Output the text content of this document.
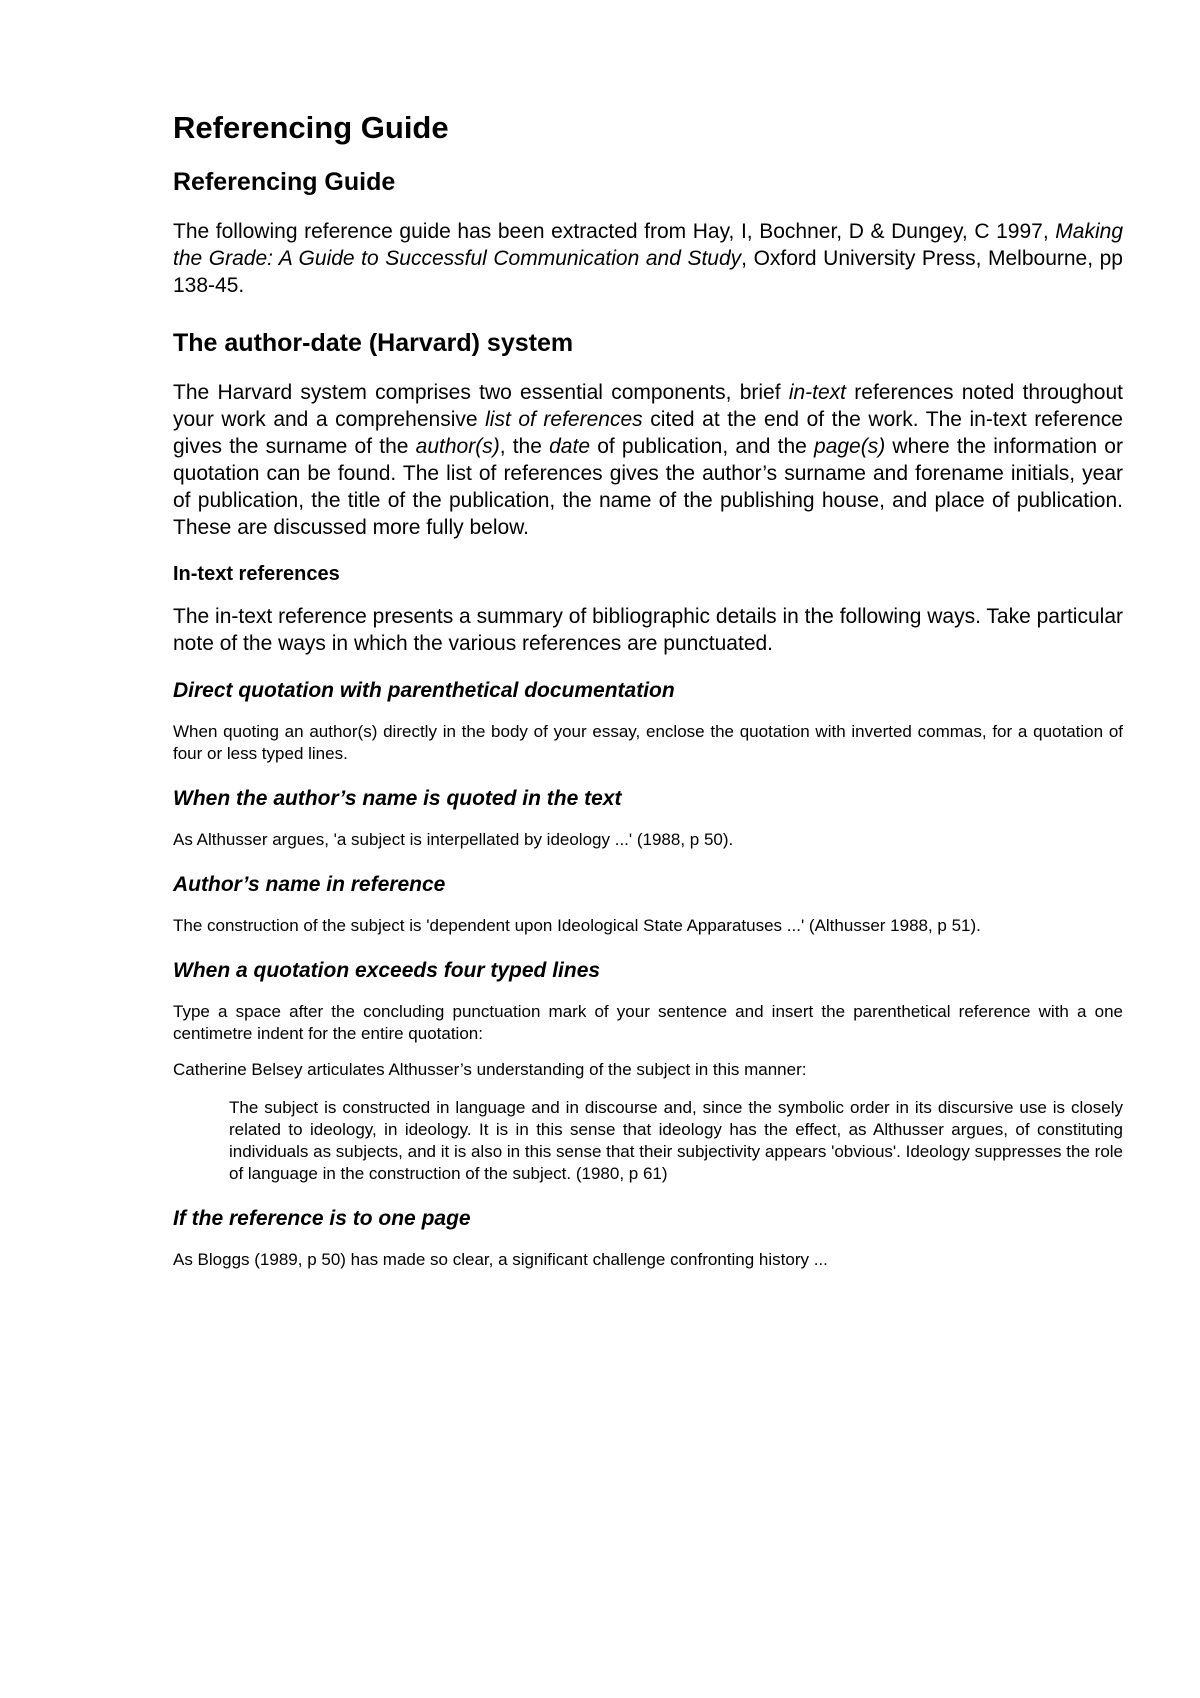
Referencing Guide
Referencing Guide

The following reference guide has been extracted from Hay, I, Bochner, D & Dungey, C 1997, Making the Grade: A Guide to Successful Communication and Study, Oxford University Press, Melbourne, pp 138-45.

The author-date (Harvard) system

The Harvard system comprises two essential components, brief in-text references noted throughout your work and a comprehensive list of references cited at the end of the work. The in-text reference gives the surname of the author(s), the date of publication, and the page(s) where the information or quotation can be found. The list of references gives the author’s surname and forename initials, year of publication, the title of the publication, the name of the publishing house, and place of publication. These are discussed more fully below.

In-text references

The in-text reference presents a summary of bibliographic details in the following ways. Take particular note of the ways in which the various references are punctuated.

Direct quotation with parenthetical documentation

When quoting an author(s) directly in the body of your essay, enclose the quotation with inverted commas, for a quotation of four or less typed lines.

When the author’s name is quoted in the text

As Althusser argues, 'a subject is interpellated by ideology ...' (1988, p 50).

Author’s name in reference

The construction of the subject is 'dependent upon Ideological State Apparatuses ...' (Althusser 1988, p 51).

When a quotation exceeds four typed lines

Type a space after the concluding punctuation mark of your sentence and insert the parenthetical reference with a one centimetre indent for the entire quotation:

Catherine Belsey articulates Althusser’s understanding of the subject in this manner:

The subject is constructed in language and in discourse and, since the symbolic order in its discursive use is closely related to ideology, in ideology. It is in this sense that ideology has the effect, as Althusser argues, of constituting individuals as subjects, and it is also in this sense that their subjectivity appears 'obvious'. Ideology suppresses the role of language in the construction of the subject. (1980, p 61)

If the reference is to one page

As Bloggs (1989, p 50) has made so clear, a significant challenge confronting history ...
